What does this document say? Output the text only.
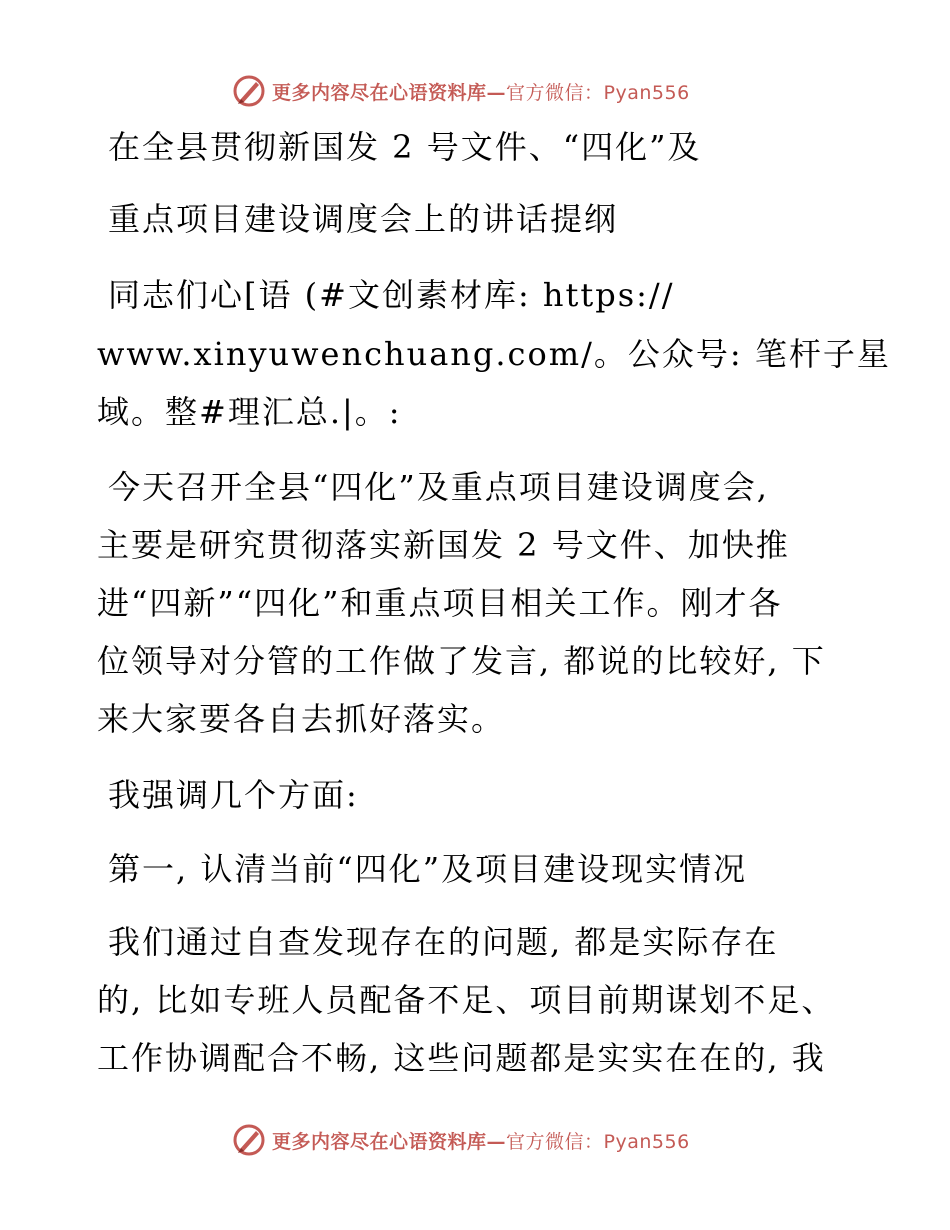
更多内容尽在心语资料库— 官方微信：Pyan556
在全县贯彻新国发 2 号文件、“四化”及
重点项目建设调度会上的讲话提纲
同志们心[语 (#文创素材库: https://
www.xinyuwenchuang.com/。公众号: 笔杆子星
域。整#理汇总.|。:
今天召开全县“四化”及重点项目建设调度会,
主要是研究贯彻落实新国发 2 号文件、加快推
进“四新”“四化”和重点项目相关工作。刚才各
位领导对分管的工作做了发言, 都说的比较好, 下
来大家要各自去抓好落实。
我强调几个方面:
第一, 认清当前“四化”及项目建设现实情况
我们通过自查发现存在的问题, 都是实际存在
的, 比如专班人员配备不足、项目前期谋划不足、
工作协调配合不畅, 这些问题都是实实在在的, 我
更多内容尽在心语资料库— 官方微信：Pyan556
